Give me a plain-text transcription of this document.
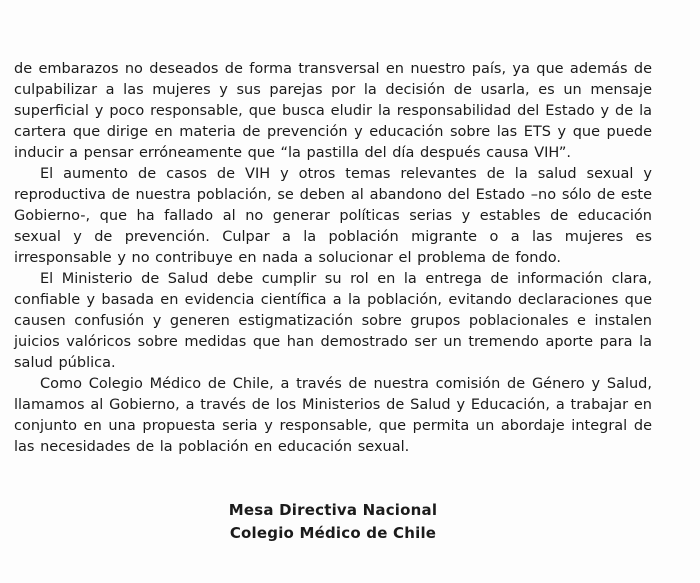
de embarazos no deseados de forma transversal en nuestro país, ya que además de culpabilizar a las mujeres y sus parejas por la decisión de usarla, es un mensaje superficial y poco responsable, que busca eludir la responsabilidad del Estado y de la cartera que dirige en materia de prevención y educación sobre las ETS y que puede inducir a pensar erróneamente que “la pastilla del día después causa VIH”.

El aumento de casos de VIH y otros temas relevantes de la salud sexual y reproductiva de nuestra población, se deben al abandono del Estado –no sólo de este Gobierno-, que ha fallado al no generar políticas serias y estables de educación sexual y de prevención. Culpar a la población migrante o a las mujeres es irresponsable y no contribuye en nada a solucionar el problema de fondo.

El Ministerio de Salud debe cumplir su rol en la entrega de información clara, confiable y basada en evidencia científica a la población, evitando declaraciones que causen confusión y generen estigmatización sobre grupos poblacionales e instalen juicios valóricos sobre medidas que han demostrado ser un tremendo aporte para la salud pública.

Como Colegio Médico de Chile, a través de nuestra comisión de Género y Salud, llamamos al Gobierno, a través de los Ministerios de Salud y Educación, a trabajar en conjunto en una propuesta seria y responsable, que permita un abordaje integral de las necesidades de la población en educación sexual.

Mesa Directiva Nacional
Colegio Médico de Chile
